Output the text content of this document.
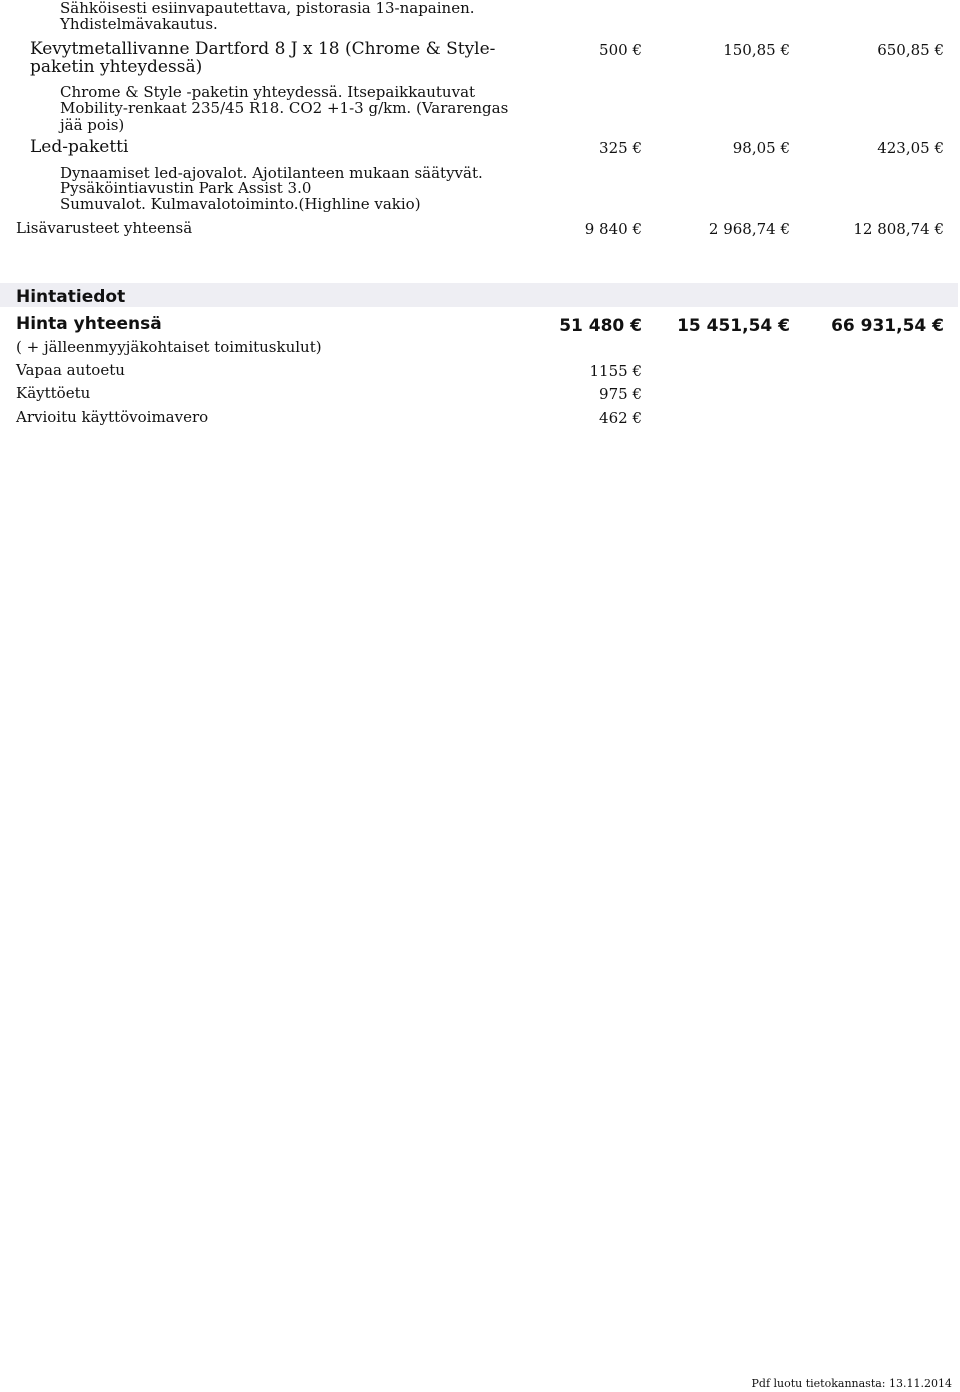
Sähköisesti esiinvapautettava, pistorasia 13-napainen.
Yhdistelmävakautus.
Kevytmetallivanne Dartford 8 J x 18 (Chrome & Style-
paketin yhteydessä)
500 €	150,85 €	650,85 €
Chrome & Style -paketin yhteydessä. Itsepaikkautuvat
Mobility-renkaat 235/45 R18. CO2 +1-3 g/km. (Vararengas
jää pois)
Led-paketti	325 €	98,05 €	423,05 €
Dynaamiset led-ajovalot. Ajotilanteen mukaan säätyvät.
Pysäköintiavustin Park Assist 3.0
Sumuvalot. Kulmavalotoiminto.(Highline vakio)
Lisävarusteet yhteensä	9 840 €	2 968,74 €	12 808,74 €
Hintatiedot
Hinta yhteensä	51 480 € 15 451,54 € 66 931,54 €
( + jälleenmyyjäkohtaiset toimituskulut)
Vapaa autoetu	1155 €
Käyttöetu	975 €
Arvioitu käyttövoimavero	462 €
Pdf luotu tietokannasta: 13.11.2014
